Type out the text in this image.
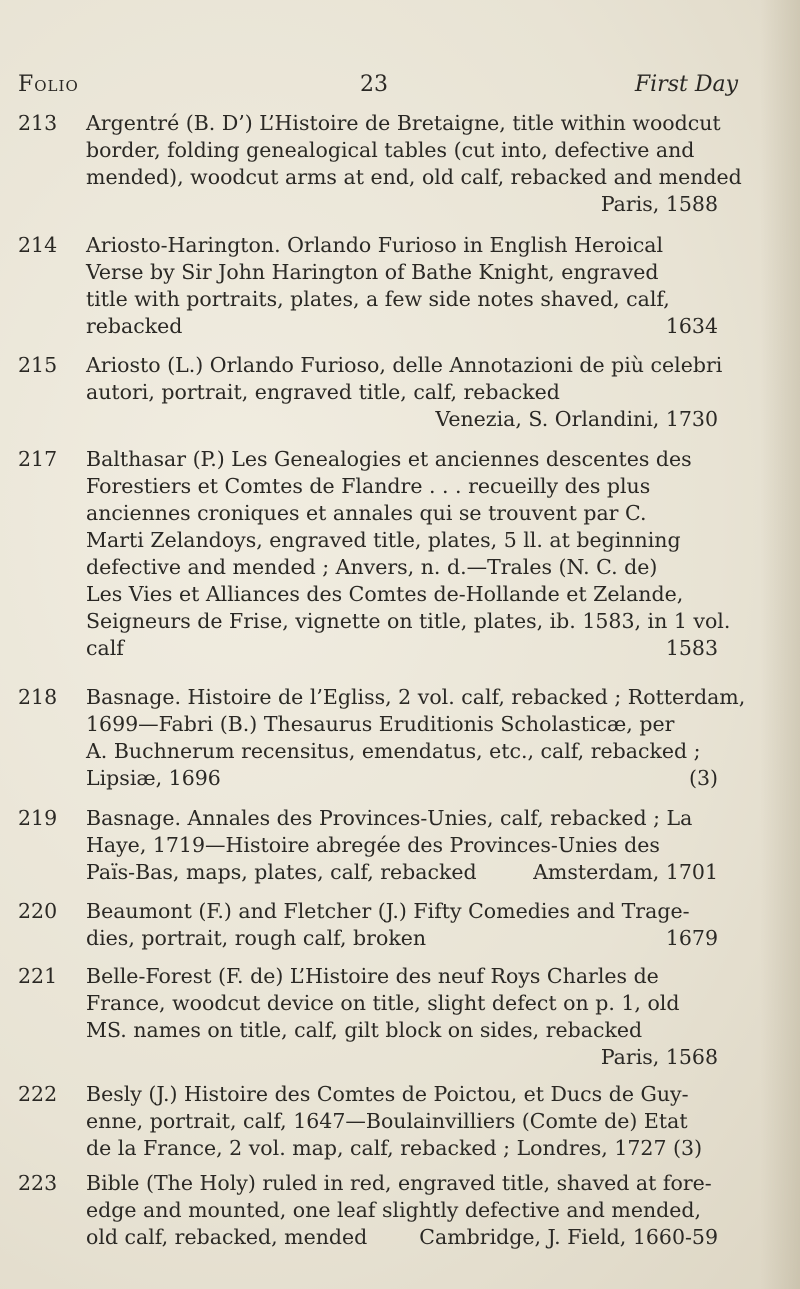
Folio	23	First Day
213	Argentré (B. D’) L’Histoire de Bretaigne, title within woodcut
border, folding genealogical tables (cut into, defective and
mended), woodcut arms at end, old calf, rebacked and mended
Paris, 1588
214	Ariosto-Harington. Orlando Furioso in English Heroical
Verse by Sir John Harington of Bathe Knight, engraved
title with portraits, plates, a few side notes shaved, calf,
rebacked	1634
215	Ariosto (L.) Orlando Furioso, delle Annotazioni de più celebri
autori, portrait, engraved title, calf, rebacked
Venezia, S. Orlandini, 1730
217	Balthasar (P.) Les Genealogies et anciennes descentes des
Forestiers et Comtes de Flandre . . . recueilly des plus
anciennes croniques et annales qui se trouvent par C.
Marti Zelandoys, engraved title, plates, 5 ll. at beginning
defective and mended ; Anvers, n. d.—Trales (N. C. de)
Les Vies et Alliances des Comtes de-Hollande et Zelande,
Seigneurs de Frise, vignette on title, plates, ib. 1583, in 1 vol.
calf	1583
218	Basnage. Histoire de l’Egliss, 2 vol. calf, rebacked ; Rotterdam,
1699—Fabri (B.) Thesaurus Eruditionis Scholasticæ, per
A. Buchnerum recensitus, emendatus, etc., calf, rebacked ;
Lipsiæ, 1696	(3)
219	Basnage. Annales des Provinces-Unies, calf, rebacked ; La
Haye, 1719—Histoire abregée des Provinces-Unies des
Païs-Bas, maps, plates, calf, rebacked	Amsterdam, 1701
220	Beaumont (F.) and Fletcher (J.) Fifty Comedies and Trage-
dies, portrait, rough calf, broken	1679
221	Belle-Forest (F. de) L’Histoire des neuf Roys Charles de
France, woodcut device on title, slight defect on p. 1, old
MS. names on title, calf, gilt block on sides, rebacked
Paris, 1568
222	Besly (J.) Histoire des Comtes de Poictou, et Ducs de Guy-
enne, portrait, calf, 1647—Boulainvilliers (Comte de) Etat
de la France, 2 vol. map, calf, rebacked ; Londres, 1727 (3)
223	Bible (The Holy) ruled in red, engraved title, shaved at fore-
edge and mounted, one leaf slightly defective and mended,
old calf, rebacked, mended	Cambridge, J. Field, 1660-59
